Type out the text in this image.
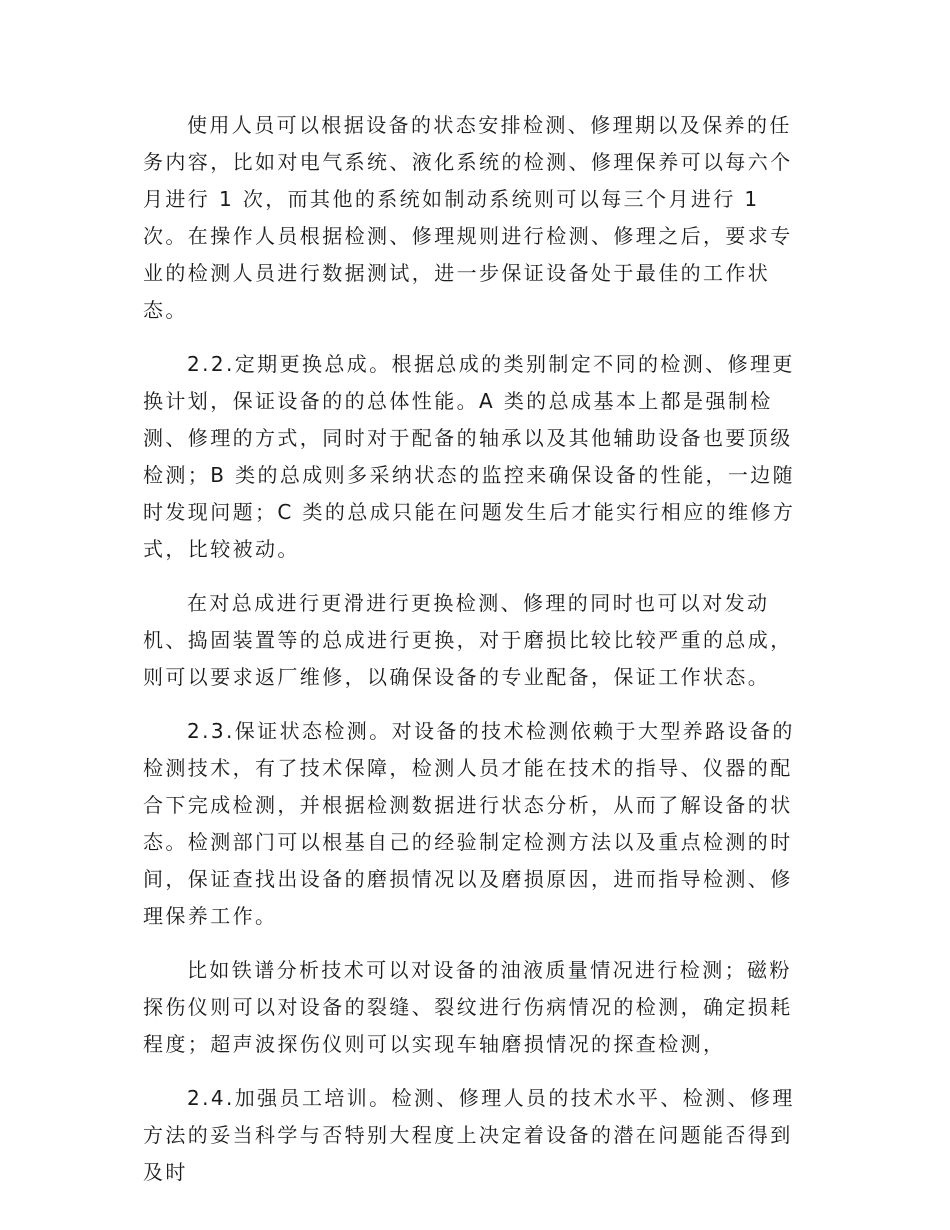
使用人员可以根据设备的状态安排检测、修理期以及保养的任务内容，比如对电气系统、液化系统的检测、修理保养可以每六个月进行 1 次，而其他的系统如制动系统则可以每三个月进行 1 次。在操作人员根据检测、修理规则进行检测、修理之后，要求专业的检测人员进行数据测试，进一步保证设备处于最佳的工作状态。

2.2.定期更换总成。根据总成的类别制定不同的检测、修理更换计划，保证设备的的总体性能。A 类的总成基本上都是强制检测、修理的方式，同时对于配备的轴承以及其他辅助设备也要顶级检测；B 类的总成则多采纳状态的监控来确保设备的性能，一边随时发现问题；C 类的总成只能在问题发生后才能实行相应的维修方式，比较被动。

在对总成进行更滑进行更换检测、修理的同时也可以对发动机、捣固装置等的总成进行更换，对于磨损比较比较严重的总成，则可以要求返厂维修，以确保设备的专业配备，保证工作状态。

2.3.保证状态检测。对设备的技术检测依赖于大型养路设备的检测技术，有了技术保障，检测人员才能在技术的指导、仪器的配合下完成检测，并根据检测数据进行状态分析，从而了解设备的状态。检测部门可以根基自己的经验制定检测方法以及重点检测的时间，保证查找出设备的磨损情况以及磨损原因，进而指导检测、修理保养工作。

比如铁谱分析技术可以对设备的油液质量情况进行检测；磁粉探伤仪则可以对设备的裂缝、裂纹进行伤病情况的检测，确定损耗程度；超声波探伤仪则可以实现车轴磨损情况的探查检测，

2.4.加强员工培训。检测、修理人员的技术水平、检测、修理方法的妥当科学与否特别大程度上决定着设备的潜在问题能否得到及时
